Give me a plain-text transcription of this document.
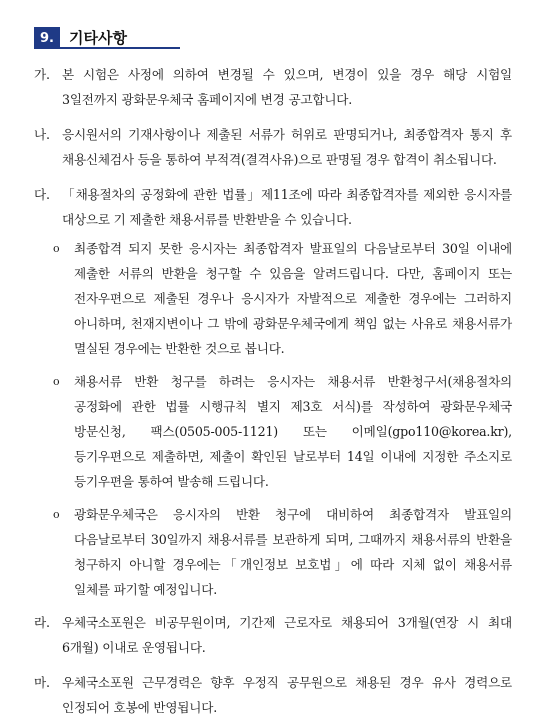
9.	기타사항
가. 본 시험은 사정에 의하여 변경될 수 있으며, 변경이 있을 경우 해당 시험일 3일전까지 광화문우체국 홈페이지에 변경 공고합니다.
나. 응시원서의 기재사항이나 제출된 서류가 허위로 판명되거나, 최종합격자 통지 후 채용신체검사 등을 통하여 부적격(결격사유)으로 판명될 경우 합격이 취소됩니다.
다. 「채용절차의 공정화에 관한 법률」제11조에 따라 최종합격자를 제외한 응시자를 대상으로 기 제출한 채용서류를 반환받을 수 있습니다.
o 최종합격 되지 못한 응시자는 최종합격자 발표일의 다음날로부터 30일 이내에 제출한 서류의 반환을 청구할 수 있음을 알려드립니다. 다만, 홈페이지 또는 전자우편으로 제출된 경우나 응시자가 자발적으로 제출한 경우에는 그러하지 아니하며, 천재지변이나 그 밖에 광화문우체국에게 책임 없는 사유로 채용서류가 멸실된 경우에는 반환한 것으로 봅니다.
o 채용서류 반환 청구를 하려는 응시자는 채용서류 반환청구서(채용절차의 공정화에 관한 법률 시행규칙 별지 제3호 서식)를 작성하여 광화문우체국 방문신청, 팩스(0505-005-1121) 또는 이메일(gpo110@korea.kr), 등기우편으로 제출하면, 제출이 확인된 날로부터 14일 이내에 지정한 주소지로 등기우편을 통하여 발송해 드립니다.
o 광화문우체국은 응시자의 반환 청구에 대비하여 최종합격자 발표일의 다음날로부터 30일까지 채용서류를 보관하게 되며, 그때까지 채용서류의 반환을 청구하지 아니할 경우에는「개인정보 보호법」에 따라 지체 없이 채용서류 일체를 파기할 예정입니다.
라. 우체국소포원은 비공무원이며, 기간제 근로자로 채용되어 3개월(연장 시 최대 6개월) 이내로 운영됩니다.
마. 우체국소포원 근무경력은 향후 우정직 공무원으로 채용된 경우 유사 경력으로 인정되어 호봉에 반영됩니다.
